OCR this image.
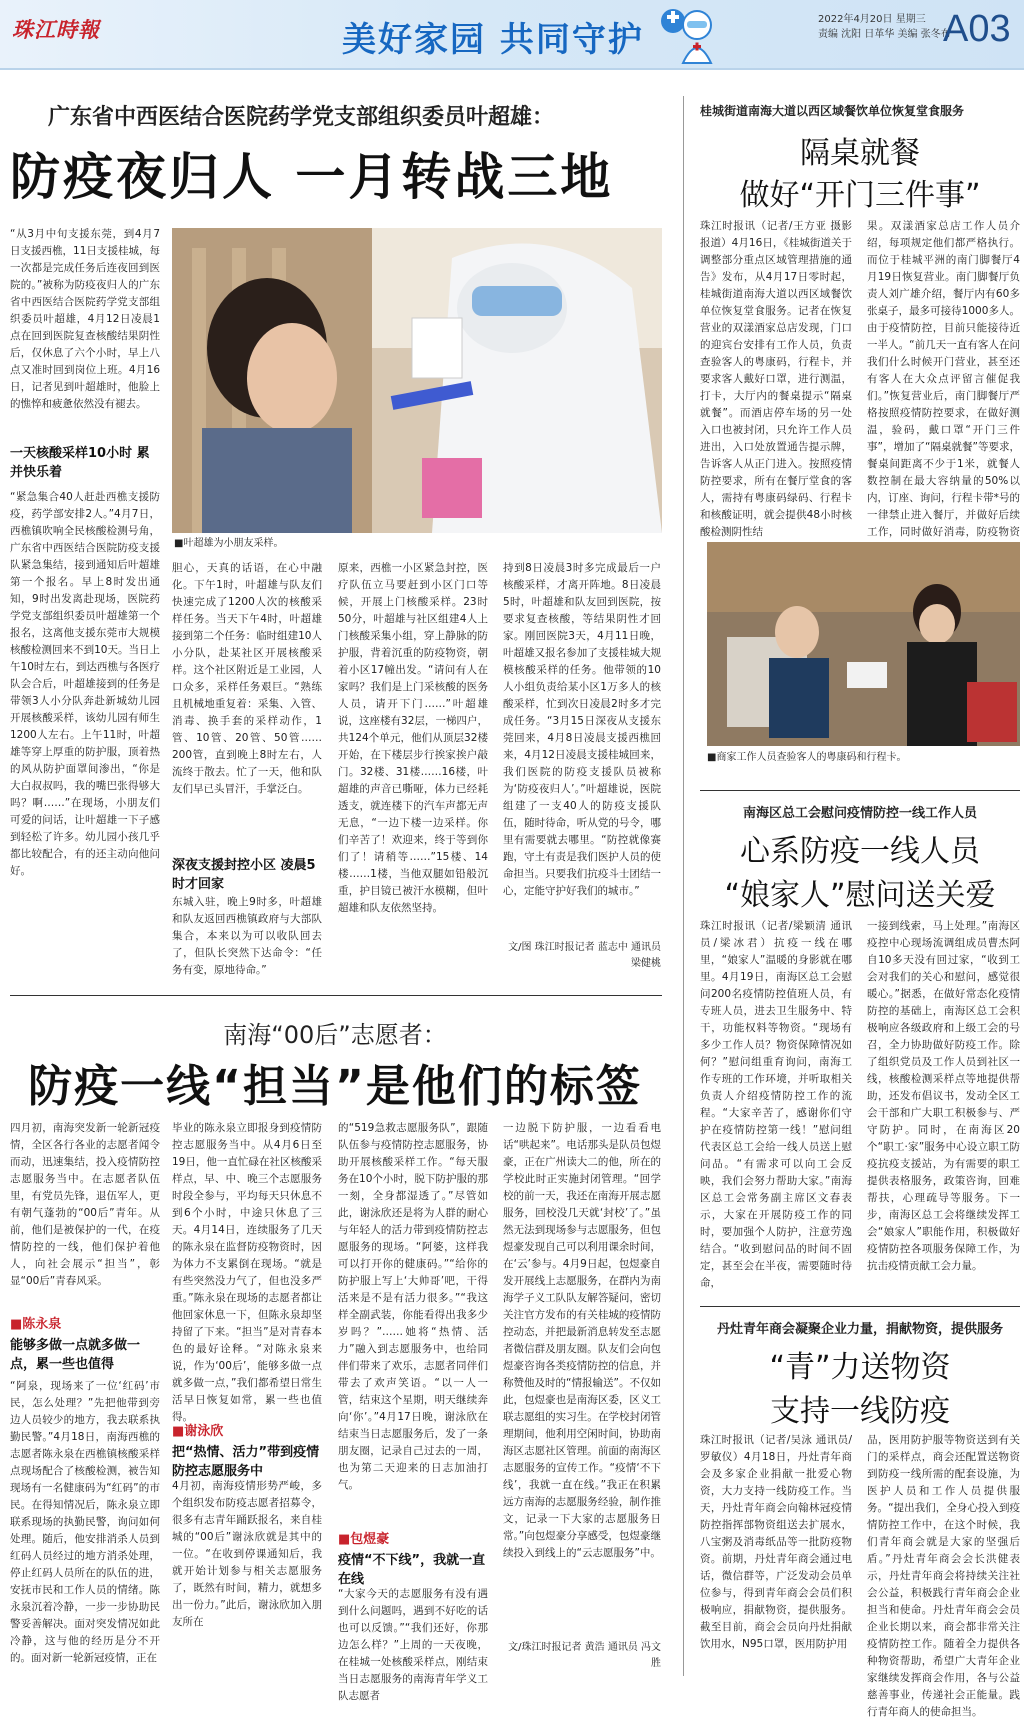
珠江時報	美好家园 共同守护
2022年4月20日 星期三
责编 沈阳 日革华 美编 张冬布
A03
广东省中西医结合医院药学党支部组织委员叶超雄：
防疫夜归人 一月转战三地
“从3月中旬支援东莞，到4月7日支援西樵，11日支援桂城，每一次都是完成任务后连夜回到医院的。”被称为防疫夜归人的广东省中西医结合医院药学党支部组织委员叶超雄，4月12日凌晨1点在回到医院复查核酸结果阴性后，仅休息了六个小时，早上八点又准时回到岗位上班。4月16日，记者见到叶超雄时，他脸上的憔悴和疲惫依然没有褪去。
一天核酸采样10小时 累并快乐着
“紧急集合40人赶赴西樵支援防疫，药学部安排2人。”4月7日，西樵镇吹响全民核酸检测号角，广东省中西医结合医院防疫支援队紧急集结，接到通知后叶超雄第一个报名。早上8时发出通知，9时出发离赴现场，医院药学党支部组织委员叶超雄第一个报名，这离他支援东莞市大规模核酸检测回来不到10天。当日上午10时左右，到达西樵与各医疗队会合后，叶超雄接到的任务是带领3人小分队奔赴新城幼儿园开展核酸采样，该幼儿园有师生1200人左右。上午11时，叶超雄等穿上厚重的防护服，顶着热的风从防护面罩间渗出，“你是大白叔叔吗，我的嘴巴张得够大吗？啊……”在现场，小朋友们可爱的问话，让叶超雄一下子感到轻松了许多。幼儿园小孩几乎都比较配合，有的还主动向他问好。
■叶超雄为小朋友采样。
胆心，天真的话语，在心中融化。下午1时，叶超雄与队友们快速完成了1200人次的核酸采样任务。当天下午4时，叶超雄接到第二个任务：临时组建10人小分队，赴某社区开展核酸采样。这个社区附近是工业园，人口众多，采样任务艰巨。“熟练且机械地重复着：采集、入管、消毒、换手套的采样动作，1管、10管、20管、50管……200管，直到晚上8时左右，人流终于散去。忙了一天，他和队友们早已头冒汗，手掌泛白。
深夜支援封控小区 凌晨5时才回家
东城入驻，晚上9时多，叶超雄和队友返回西樵镇政府与大部队集合，本来以为可以收队回去了，但队长突然下达命令：“任务有变，原地待命。”
原来，西樵一小区紧急封控，医疗队伍立马要赶到小区门口等候，开展上门核酸采样。23时50分，叶超雄与社区组建4人上门核酸采集小组，穿上静脉的防护服，背着沉重的防疫物资，朝着小区17幢出发。“请问有人在家吗？我们是上门采核酸的医务人员，请开下门……”叶超雄说，这座楼有32层，一梯四户，共124个单元，他们从顶层32楼开始，在下楼层步行挨家挨户敲门。32楼、31楼……16楼，叶超雄的声音已嘶哑，体力已经耗透支，就连楼下的汽车声都无声无息，“一边下楼一边采样。你们辛苦了！欢迎来，终于等到你们了！请稍等……”15楼、14楼……1楼，当他双腿如铅般沉重，护目镜已被汗水模糊，但叶超雄和队友依然坚持。
持到8日凌晨3时多完成最后一户核酸采样，才离开阵地。8日凌晨5时，叶超雄和队友回到医院，按要求复查核酸，等结果阴性才回家。刚回医院3天，4月11日晚，叶超雄又报名参加了支援桂城大规模核酸采样的任务。他带领的10人小组负责给某小区1万多人的核酸采样，忙到次日凌晨2时多才完成任务。“3月15日深夜从支援东莞回来，4月8日凌晨支援西樵回来，4月12日凌晨支援桂城回来，我们医院的防疫支援队员被称为‘防疫夜归人’。”叶超雄说，医院组建了一支40人的防疫支援队伍，随时待命，听从党的号令，哪里有需要就去哪里。“防控就像赛跑，守土有责是我们医护人员的使命担当。只要我们抗疫斗士团结一心，定能守护好我们的城市。”
文/图 珠江时报记者 蓝志中 通讯员 梁健桃
桂城街道南海大道以西区域餐饮单位恢复堂食服务
隔桌就餐
做好“开门三件事”
珠江时报讯（记者/王方亚 摄影报道）4月16日，《桂城街道关于调整部分重点区域管理措施的通告》发布，从4月17日零时起，桂城街道南海大道以西区域餐饮单位恢复堂食服务。记者在恢复营业的双漾酒家总店发现，门口的迎宾台安排有工作人员，负责查验客人的粤康码，行程卡，并要求客人戴好口罩，进行测温，打卡，大厅内的餐桌提示“隔桌就餐”。而酒店停车场的另一处入口也被封闭，只允许工作人员进出，入口处放置通告提示牌，告诉客人从正门进入。按照疫情防控要求，所有在餐厅堂食的客人，需持有粤康码绿码、行程卡和核酸证明，就会提供48小时核酸检测阴性结
果。双漾酒家总店工作人员介绍，每项规定他们都严格执行。而位于桂城平洲的南门脚餐厅4月19日恢复营业。南门脚餐厅负责人刘广雄介绍，餐厅内有60多张桌子，最多可接待1000多人。由于疫情防控，目前只能接待近一半人。“前几天一直有客人在问我们什么时候开门营业，甚至还有客人在大众点评留言催促我们。”恢复营业后，南门脚餐厅严格按照疫情防控要求，在做好测温，验码，戴口罩“开门三件事”，增加了“隔桌就餐”等要求，餐桌间距离不少于1米，就餐人数控制在最大容纳量的50%以内，订座、询问，行程卡带*号的一律禁止进入餐厅，并做好后续工作，同时做好消毒，防疫物资
■商家工作人员查验客人的粤康码和行程卡。
南海区总工会慰问疫情防控一线工作人员
心系防疫一线人员
“娘家人”慰问送关爱
珠江时报讯（记者/梁颖清 通讯员/梁冰君）抗疫一线在哪里，“娘家人”温暖的身影就在哪里。4月19日，南海区总工会慰问200名疫情防控值班人员，有专班人员，进去卫生服务中、特干，功能权料等物资。“现场有多少工作人员？物资保障情况如何？”慰问组重育询问，南海工作专班的工作环境，并听取相关负责人介绍疫情防控工作的流程。“大家辛苦了，感谢你们守护在疫情防控第一线！”慰问组代表区总工会给一线人员送上慰问品。“有需求可以向工会反映，我们会努力帮助大家。”南海区总工会常务副主席区文春表示，大家在开展防疫工作的同时，要加强个人防护，注意劳逸结合。“收到慰问品的时间不固定，甚至会在半夜，需要随时待命，
一接到线索，马上处理。”南海区疫控中心现场流调组成员曹杰阿自10多天没有回过家，“收到工会对我们的关心和慰问，感觉很暖心。”据悉，在做好常态化疫情防控的基础上，南海区总工会积极响应各级政府和上级工会的号召，全力协助做好防疫工作。除了组织党员及工作人员到社区一线，核酸检测采样点等地提供帮助，还发布倡议书，发动全区工会干部和广大职工积极参与、严守防护。同时，在南海区20个“职工·家”服务中心设立职工防疫抗疫支援站，为有需要的职工提供表格服务，政策咨询，回难帮扶，心理疏导等服务。下一步，南海区总工会将继续发挥工会“娘家人”职能作用，积极做好疫情防控各项服务保障工作，为抗击疫情贡献工会力量。
丹灶青年商会凝聚企业力量，捐献物资，提供服务
“青”力送物资
支持一线防疫
珠江时报讯（记者/吴泳 通讯员/罗敏仪）4月18日，丹灶青年商会及多家企业捐献一批爱心物资，大力支持一线防疫工作。当天，丹灶青年商会向翰林冠疫情防控指挥部物资组送去扩展水，八宝粥及消毒纸品等一批防疫物资。前期，丹灶青年商会通过电话，微信群等，广泛发动会员单位参与，得到青年商会会员们积极响应，捐献物资，提供服务。截至目前，商会会员向丹灶捐献饮用水，N95口罩，医用防护用
品，医用防护服等物资送到有关门的采样点，商会还配置送物资到防疫一线所需的配套设施，为医护人员和工作人员提供服务。“提出我们，全身心投入到疫情防控工作中，在这个时候，我们青年商会就是大家的坚强后盾。”丹灶青年商会会长洪健表示，丹灶青年商会将持续关注社会公益，积极践行青年商会企业担当和使命。丹灶青年商会会员企业长期以来，商会都非常关注疫情防控工作。随着全力提供各种物资帮助，希望广大青年企业家继续发挥商会作用，各与公益慈善事业，传递社会正能量。践行青年商人的使命担当。
南海“00后”志愿者：
防疫一线“担当”是他们的标签
四月初，南海突发新一轮新冠疫情，全区各行各业的志愿者闻令而动，迅速集结，投入疫情防控志愿服务当中。在志愿者队伍里，有党员先锋，退伍军人，更有朝气蓬勃的“00后”青年。从前，他们是被保护的一代，在疫情防控的一线，他们保护着他人，向社会展示“担当”，彰显“00后”青春风采。
■陈永泉
能够多做一点就多做一点，累一些也值得
“阿泉，现场来了一位‘红码’市民，怎么处理？”先把他带到旁边人员较少的地方，我去联系执勤民警。”4月18日，南海西樵的志愿者陈永泉在西樵镇核酸采样点现场配合了核酸检测，被告知现场有一名健康码为“红码”的市民。在得知情况后，陈永泉立即联系现场的执勤民警，询问如何处理。随后，他安排消杀人员到红码人员经过的地方消杀处理，停止红码人员所在的队伍的进，安抚市民和工作人员的情绪。陈永泉沉着冷静，一步一步协助民警妥善解决。面对突发情况如此冷静，这与他的经历是分不开的。面对新一轮新冠疫情，正在
毕业的陈永泉立即报身到疫情防控志愿服务当中。从4月6日至19日，他一直忙碌在社区核酸采样点，早、中、晚三个志愿服务时段全参与，平均每天只休息不到6个小时，中途只休息了三天。4月14日，连续服务了几天的陈永泉在监督防疫物资时，因为体力不支累倒在现场。“就是有些突然没力气了，但也没多严重。”陈永泉在现场的志愿者都让他回家休息一下，但陈永泉却坚持留了下来。“担当”是对青春本色的最好诠释。“对陈永泉来说，作为‘00后’，能够多做一点就多做一点，”我们都希望日常生活早日恢复如常，累一些也值得。
■谢泳欣
把“热情、活力”带到疫情防控志愿服务中
4月初，南海疫情形势严峻，多个组织发布防疫志愿者招募令，很多有志青年踊跃报名，来自桂城的“00后”谢泳欣就是其中的一位。“在收到停课通知后，我就开始计划参与相关志愿服务了，既然有时间，精力，就想多出一份力。”此后，谢泳欣加入朋友所在
的“519急救志愿服务队”，跟随队伍参与疫情防控志愿服务，协助开展核酸采样工作。“每天服务在10个小时，脱下防护服的那一刻，全身都湿透了。”尽管如此，谢泳欣还是将为人群的耐心与年轻人的活力带到疫情防控志愿服务的现场。“阿婆，这样我可以打开你的健康码。”“给你的防护服上写上‘大帅哥’吧，干得活来是不是有活力很多。”“我这样全副武装，你能看得出我多少岁吗？”……她将“热情、活力”融入到志愿服务中，也给同伴们带来了欢乐，志愿者同伴们带去了欢声笑语。“以一人一管，结束这个星期，明天继续奔向‘你’。”4月17日晚，谢泳欣在结束当日志愿服务后，发了一条朋友圈，记录自己过去的一周，也为第二天迎来的日志加油打气。
■包煜豪
疫情“不下线”，我就一直在线
“大家今天的志愿服务有没有遇到什么问题吗，遇到不好吃的话也可以反馈。”“我们还好，你那边怎么样？”上周的一天夜晚，在桂城一处核酸采样点，刚结束当日志愿服务的南海青年学义工队志愿者
一边脱下防护服，一边看看电话“哄起来”。电话那头是队员包煜豪，正在广州读大二的他，所在的学校此时正实施封闭管理。“回学校的前一天，我还在南海开展志愿服务，回校没几天就‘封校’了。”虽然无法到现场参与志愿服务，但包煜豪发现自己可以利用课余时间，在‘云’参与。4月9日起，包煜豪自发开展线上志愿服务，在群内为南海学子义工队队友解答疑问，密切关注官方发布的有关桂城的疫情防控动态，并把最新消息转发至志愿者微信群及朋友圈。队友们会向包煜豪咨询各类疫情防控的信息，并称赞他及时的“情报输送”。不仅如此，包煜豪也是南海区委，区义工联志愿组的实习生。在学校封闭管理期间，他利用空闲时间，协助南海区志愿社区管理。前面的南海区志愿服务的宣传工作。“疫情‘不下线’，我就一直在线。”我正在积累远方南海的志愿服务经验，制作推文，记录一下大家的志愿服务日常。”向包煜豪分享感受，包煜豪继续投入到线上的“云志愿服务”中。
文/珠江时报记者 黄浩 通讯员 冯文胜
